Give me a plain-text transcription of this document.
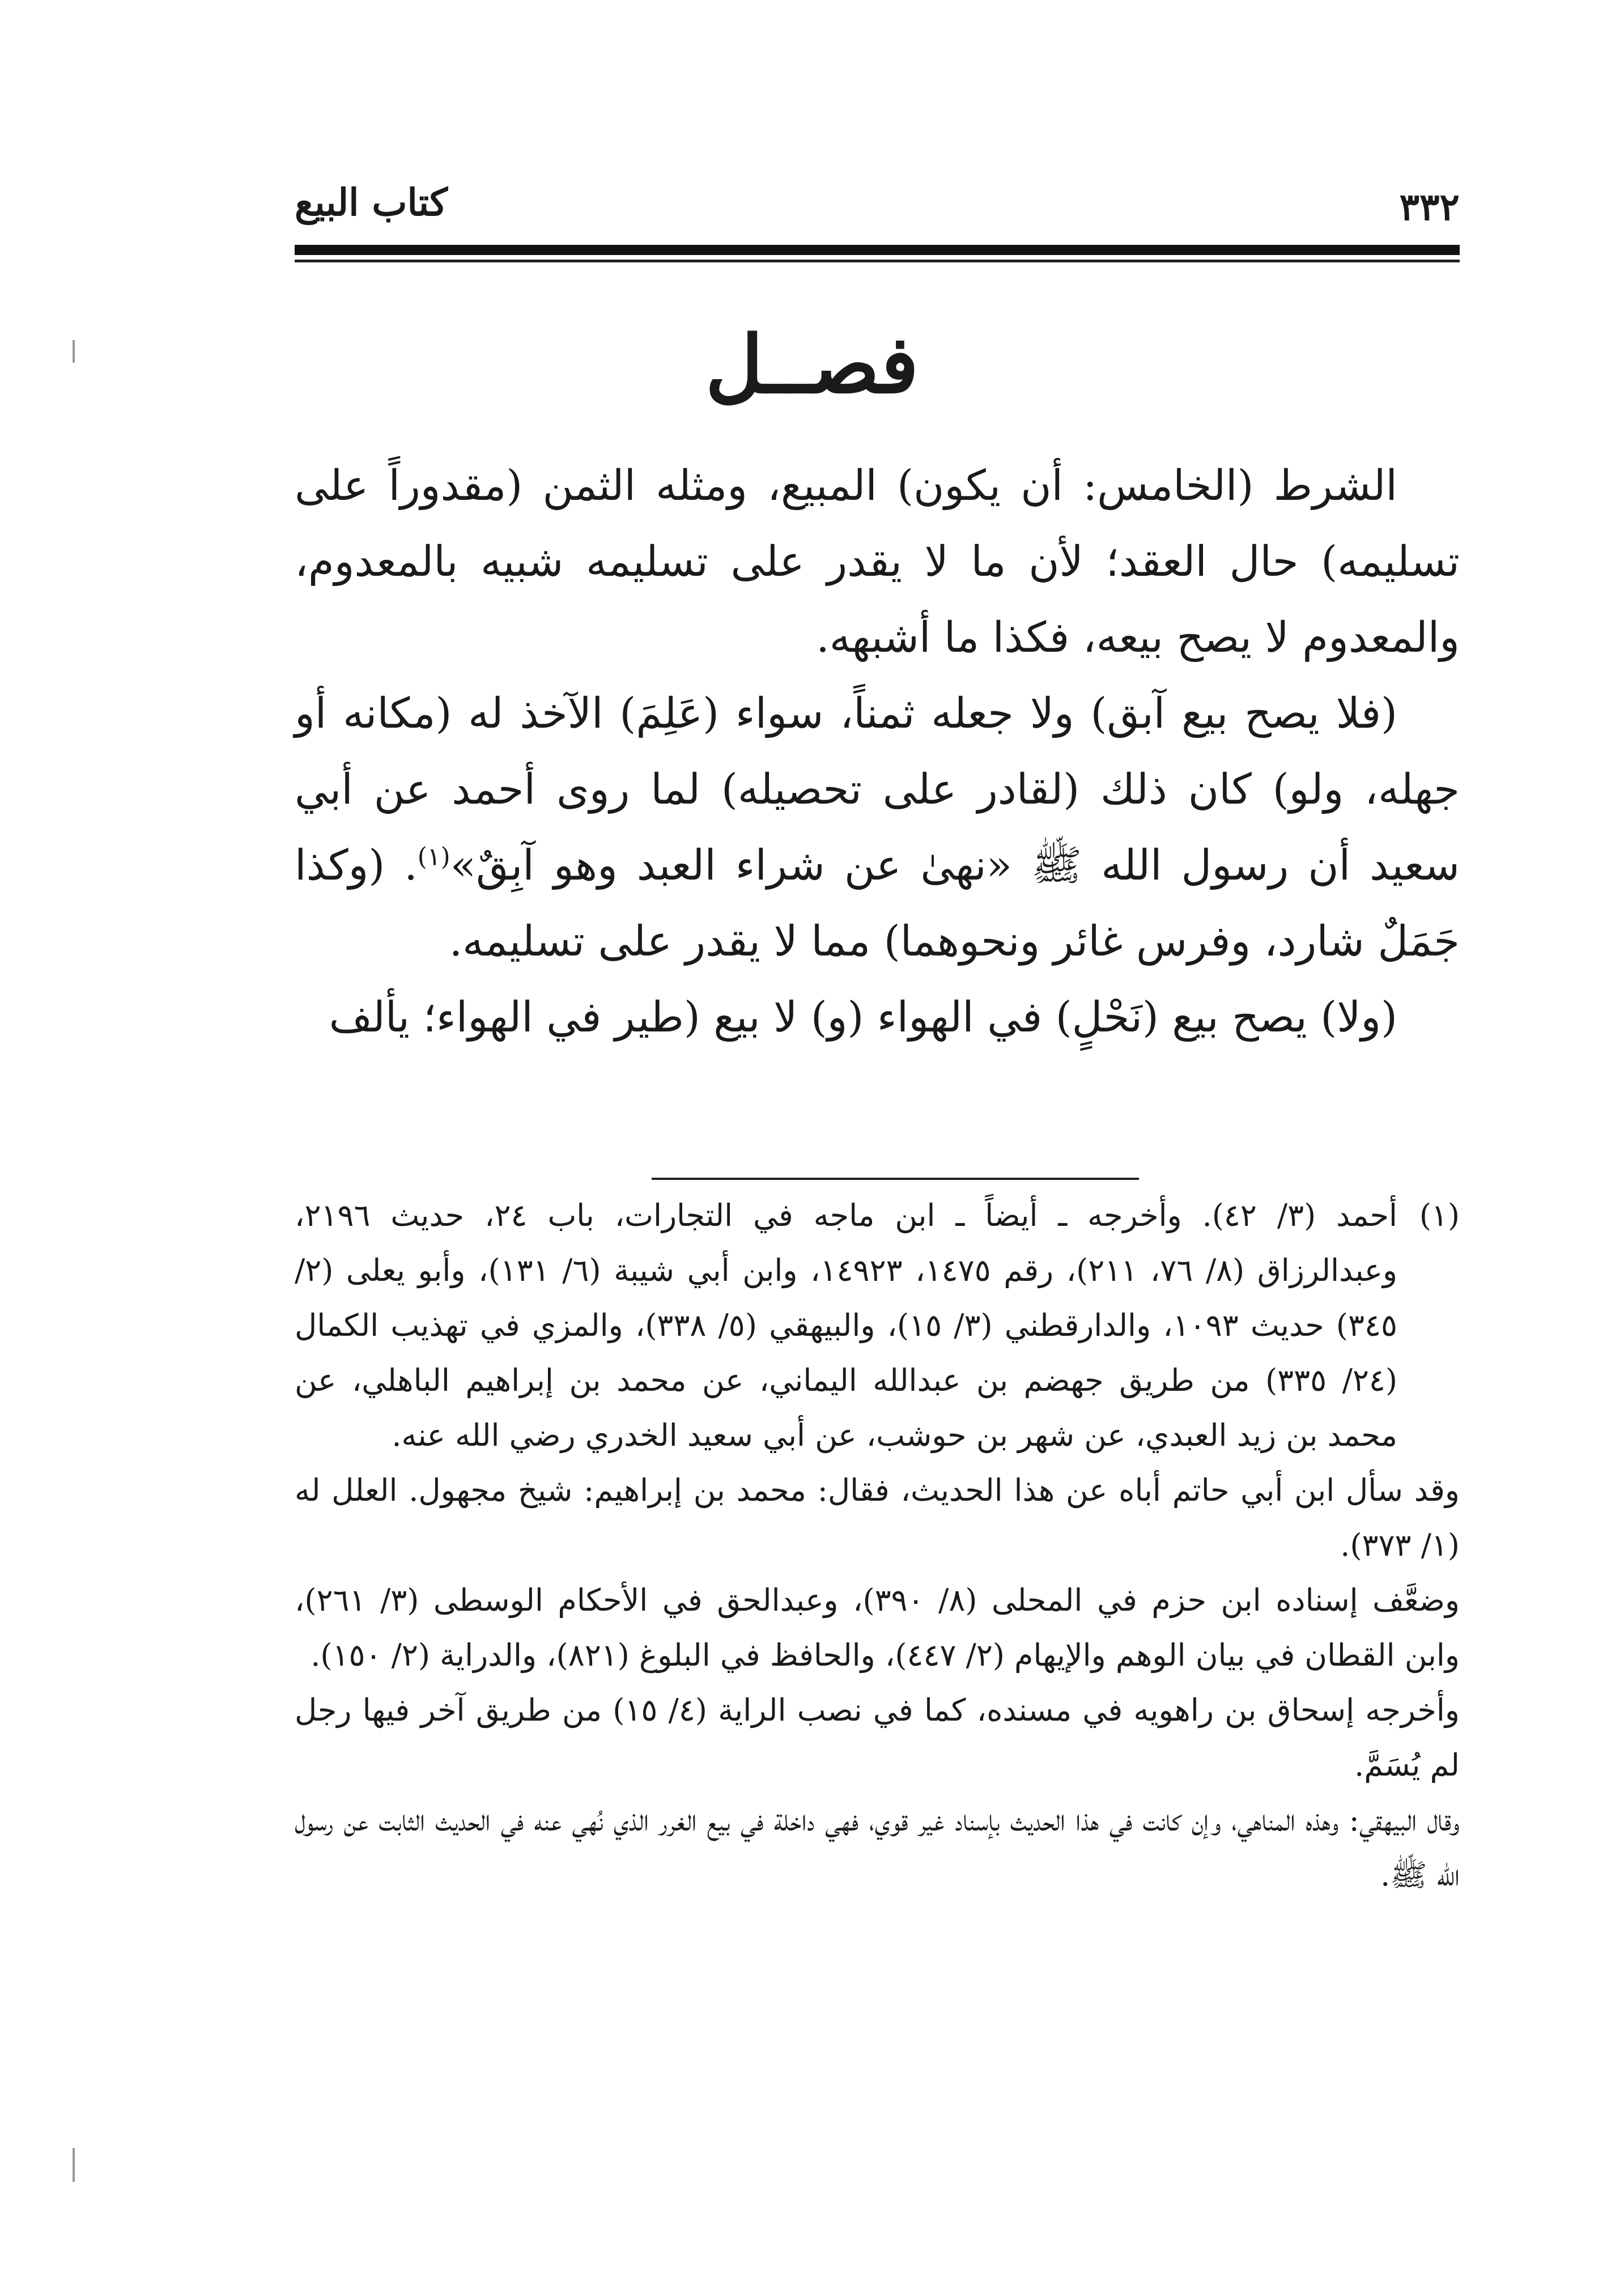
٣٣٢
كتاب البيع
فصــل

الشرط (الخامس: أن يكون) المبيع، ومثله الثمن (مقدوراً على تسليمه) حال العقد؛ لأن ما لا يقدر على تسليمه شبيه بالمعدوم، والمعدوم لا يصح بيعه، فكذا ما أشبهه.

(فلا يصح بيع آبق) ولا جعله ثمناً، سواء (عَلِمَ) الآخذ له (مكانه أو جهله، ولو) كان ذلك (لقادر على تحصيله) لما روى أحمد عن أبي سعيد أن رسول الله ﷺ «نهىٰ عن شراء العبد وهو آبِقٌ»$^{(١)}$. (وكذا جَمَلٌ شارد، وفرس غائر ونحوهما) مما لا يقدر على تسليمه.

(ولا) يصح بيع (نَحْلٍ) في الهواء (و) لا بيع (طير في الهواء؛ يألف

(١)أحمد (٣/ ٤٢). وأخرجه ـ أيضاً ـ ابن ماجه في التجارات، باب ٢٤، حديث ٢١٩٦، وعبدالرزاق (٨/ ٧٦، ٢١١)، رقم ١٤٧٥، ١٤٩٢٣، وابن أبي شيبة (٦/ ١٣١)، وأبو يعلى (٢/ ٣٤٥) حديث ١٠٩٣، والدارقطني (٣/ ١٥)، والبيهقي (٥/ ٣٣٨)، والمزي في تهذيب الكمال (٢٤/ ٣٣٥) من طريق جهضم بن عبدالله اليماني، عن محمد بن إبراهيم الباهلي، عن محمد بن زيد العبدي، عن شهر بن حوشب، عن أبي سعيد الخدري رضي الله عنه.

وقد سأل ابن أبي حاتم أباه عن هذا الحديث، فقال: محمد بن إبراهيم: شيخ مجهول. العلل له (١/ ٣٧٣).

وضعَّف إسناده ابن حزم في المحلى (٨/ ٣٩٠)، وعبدالحق في الأحكام الوسطى (٣/ ٢٦١)، وابن القطان في بيان الوهم والإيهام (٢/ ٤٤٧)، والحافظ في البلوغ (٨٢١)، والدراية (٢/ ١٥٠).

وأخرجه إسحاق بن راهويه في مسنده، كما في نصب الراية (٤/ ١٥) من طريق آخر فيها رجل لم يُسَمَّ.

وقال البيهقي: وهذه المناهي، وإن كانت في هذا الحديث بإسناد غير قوي، فهي داخلة في بيع الغرر الذي نُهي عنه في الحديث الثابت عن رسول الله ﷺ.
